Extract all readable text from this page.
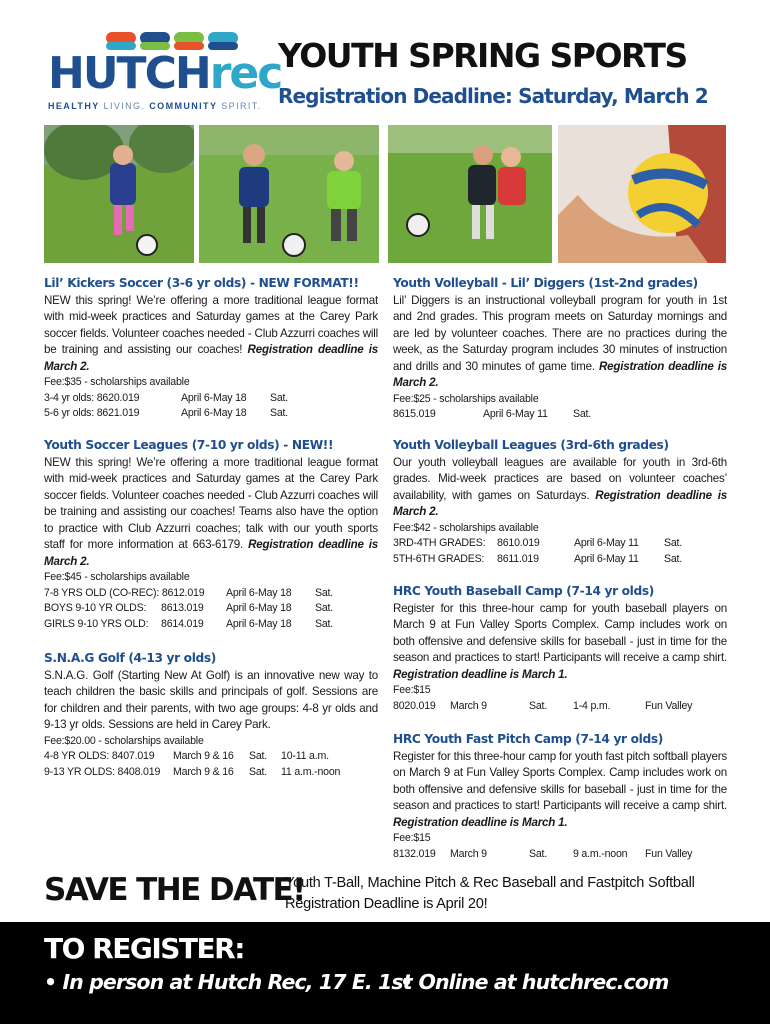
HUTCHrec
HEALTHY LIVING. COMMUNITY SPIRIT.
YOUTH SPRING SPORTS
Registration Deadline: Saturday, March 2
Lil’ Kickers Soccer (3-6 yr olds) - NEW FORMAT!!

NEW this spring! We’re offering a more traditional league format with mid-week practices and Saturday games at the Carey Park soccer fields. Volunteer coaches needed - Club Azzurri coaches will be training and assisting our coaches! Registration deadline is March 2.

Fee:$35 - scholarships available

3-4 yr olds: 8620.019	April 6-May 18	Sat.
5-6 yr olds: 8621.019	April 6-May 18	Sat.
Youth Soccer Leagues (7-10 yr olds) - NEW!!

NEW this spring! We’re offering a more traditional league format with mid-week practices and Saturday games at the Carey Park soccer fields. Volunteer coaches needed - Club Azzurri coaches will be training and assisting our coaches! Teams also have the option to practice with Club Azzurri coaches; talk with our youth sports staff for more information at 663-6179. Registration deadline is March 2.

Fee:$45 - scholarships available

7-8 YRS OLD (CO-REC): 8612.019	April 6-May 18	Sat.
BOYS 9-10 YR OLDS:	8613.019	April 6-May 18	Sat.
GIRLS 9-10 YRS OLD:	8614.019	April 6-May 18	Sat.
S.N.A.G Golf (4-13 yr olds)

S.N.A.G. Golf (Starting New At Golf) is an innovative new way to teach children the basic skills and principals of golf. Sessions are for children and their parents, with two age groups: 4-8 yr olds and 9-13 yr olds. Sessions are held in Carey Park.

Fee:$20.00 - scholarships available

4-8 YR OLDS: 8407.019	March 9 & 16	Sat.	10-11 a.m.
9-13 YR OLDS: 8408.019	March 9 & 16	Sat.	11 a.m.-noon
Youth Volleyball - Lil’ Diggers (1st-2nd grades)

Lil’ Diggers is an instructional volleyball program for youth in 1st and 2nd grades. This program meets on Saturday mornings and are led by volunteer coaches. There are no practices during the week, as the Saturday program includes 30 minutes of instruction and drills and 30 minutes of game time. Registration deadline is March 2.

Fee:$25 - scholarships available

8615.019	April 6-May 11	Sat.
Youth Volleyball Leagues (3rd-6th grades)

Our youth volleyball leagues are available for youth in 3rd-6th grades. Mid-week practices are based on volunteer coaches’ availability, with games on Saturdays. Registration deadline is March 2.

Fee:$42 - scholarships available

3RD-4TH GRADES:	8610.019	April 6-May 11	Sat.
5TH-6TH GRADES:	8611.019	April 6-May 11	Sat.
HRC Youth Baseball Camp (7-14 yr olds)

Register for this three-hour camp for youth baseball players on March 9 at Fun Valley Sports Complex. Camp includes work on both offensive and defensive skills for baseball - just in time for the season and practices to start! Participants will receive a camp shirt. Registration deadline is March 1.

Fee:$15

8020.019	March 9	Sat.	1-4 p.m.	Fun Valley
HRC Youth Fast Pitch Camp (7-14 yr olds)

Register for this three-hour camp for youth fast pitch softball players on March 9 at Fun Valley Sports Complex. Camp includes work on both offensive and defensive skills for baseball - just in time for the season and practices to start! Participants will receive a camp shirt. Registration deadline is March 1.

Fee:$15

8132.019	March 9	Sat.	9 a.m.-noon	Fun Valley
SAVE THE DATE!
Youth T-Ball, Machine Pitch & Rec Baseball and Fastpitch Softball
Registration Deadline is April 20!
TO REGISTER:
• In person at Hutch Rec, 17 E. 1st
• Online at hutchrec.com
